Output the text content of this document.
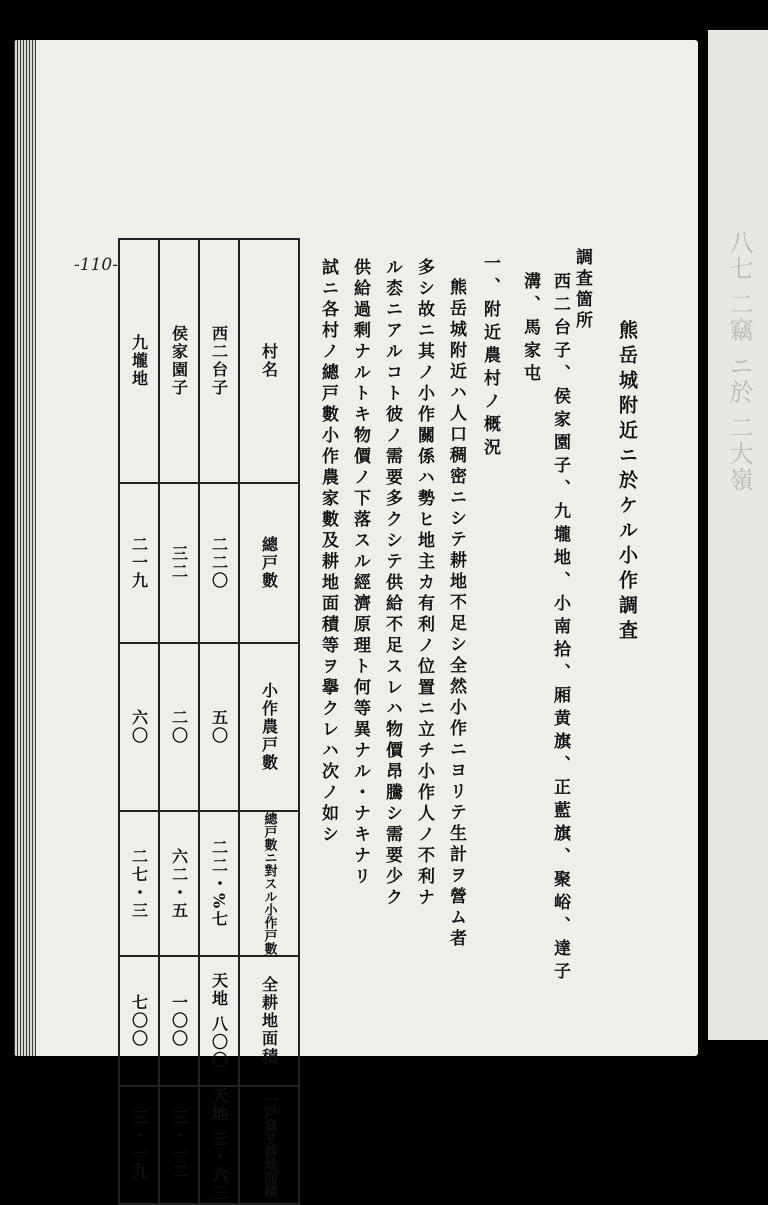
八七 二竊 ニ於 二大嶺
熊岳城附近ニ於ケル小作調査
調査箇所
西二台子、侯家園子、九壠地、小南拾、厢黄旗、正藍旗、聚峪、達子
溝、馬家屯
一、附近農村ノ概況
熊岳城附近ハ人口稠密ニシテ耕地不足シ全然小作ニヨリテ生計ヲ營ム者
多シ故ニ其ノ小作關係ハ勢ヒ地主カ有利ノ位置ニ立チ小作人ノ不利ナ
ル枩ニアルコト彼ノ需要多クシテ供給不足スレハ物價昂騰シ需要少ク
供給過剩ナルトキ物價ノ下落スル經濟原理ト何等異ナル・ナキナリ
試ニ各村ノ總戸數小作農家數及耕地面積等ヲ擧クレハ次ノ如シ
-110-
九壠地	侯家園子	西二台子	村名

二一九	三二	二二〇	總戸數

六〇	二〇	五〇	小作農戸數

二七・三	六二・五	二二・%七	總戸數ニ對スル小作戸數

七〇〇	一〇〇	天地 八〇〇	全耕地面積

三・一九	三・一二	天地 三・六三	一戸當リ耕地面積
